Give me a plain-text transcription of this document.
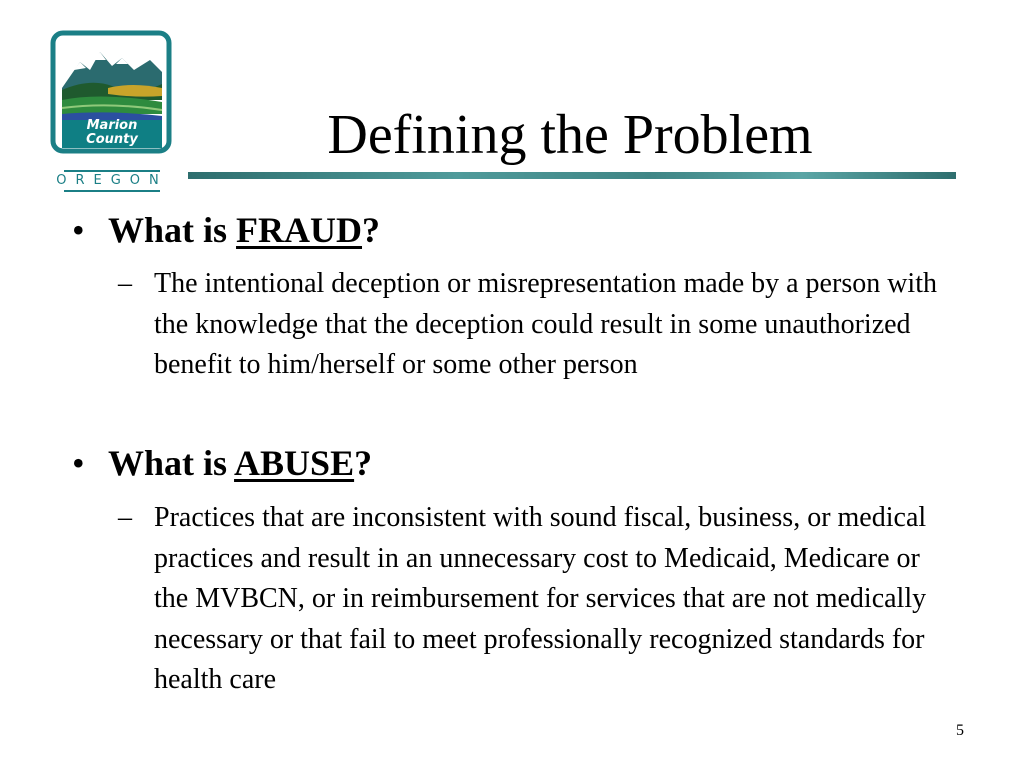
Marion
County
OREGON
Defining the Problem
• What is FRAUD?
– The intentional deception or misrepresentation made by a person with the knowledge that the deception could result in some unauthorized benefit to him/herself or some other person
• What is ABUSE?
– Practices that are inconsistent with sound fiscal, business, or medical practices and result in an unnecessary cost to Medicaid, Medicare or the MVBCN, or in reimbursement for services that are not medically necessary or that fail to meet professionally recognized standards for health care
5
